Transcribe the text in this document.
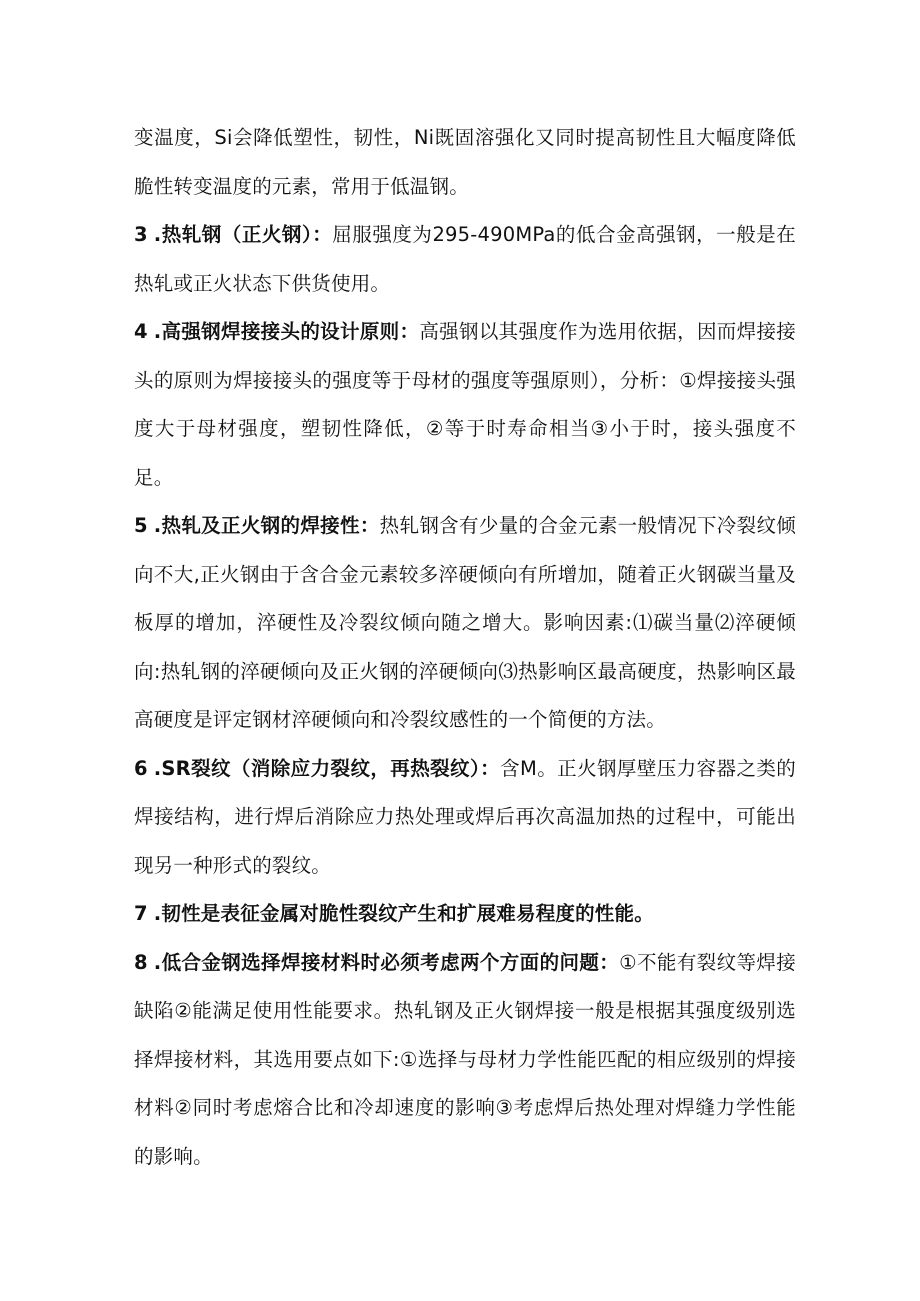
变温度，Si会降低塑性，韧性，Ni既固溶强化又同时提高韧性且大幅度降低脆性转变温度的元素，常用于低温钢。

3 .热轧钢（正火钢）：屈服强度为295-490MPa的低合金高强钢，一般是在热轧或正火状态下供货使用。

4 .高强钢焊接接头的设计原则：高强钢以其强度作为选用依据，因而焊接接头的原则为焊接接头的强度等于母材的强度等强原则），分析：①焊接接头强度大于母材强度，塑韧性降低，②等于时寿命相当③小于时，接头强度不足。

5 .热轧及正火钢的焊接性：热轧钢含有少量的合金元素一般情况下冷裂纹倾向不大,正火钢由于含合金元素较多淬硬倾向有所增加，随着正火钢碳当量及板厚的增加，淬硬性及冷裂纹倾向随之增大。影响因素:⑴碳当量⑵淬硬倾向:热轧钢的淬硬倾向及正火钢的淬硬倾向⑶热影响区最高硬度，热影响区最高硬度是评定钢材淬硬倾向和冷裂纹感性的一个简便的方法。

6 .SR裂纹（消除应力裂纹，再热裂纹）：含M。正火钢厚壁压力容器之类的焊接结构，进行焊后消除应力热处理或焊后再次高温加热的过程中，可能出现另一种形式的裂纹。

7 .韧性是表征金属对脆性裂纹产生和扩展难易程度的性能。

8 .低合金钢选择焊接材料时必须考虑两个方面的问题：①不能有裂纹等焊接缺陷②能满足使用性能要求。热轧钢及正火钢焊接一般是根据其强度级别选择焊接材料，其选用要点如下:①选择与母材力学性能匹配的相应级别的焊接材料②同时考虑熔合比和冷却速度的影响③考虑焊后热处理对焊缝力学性能的影响。
